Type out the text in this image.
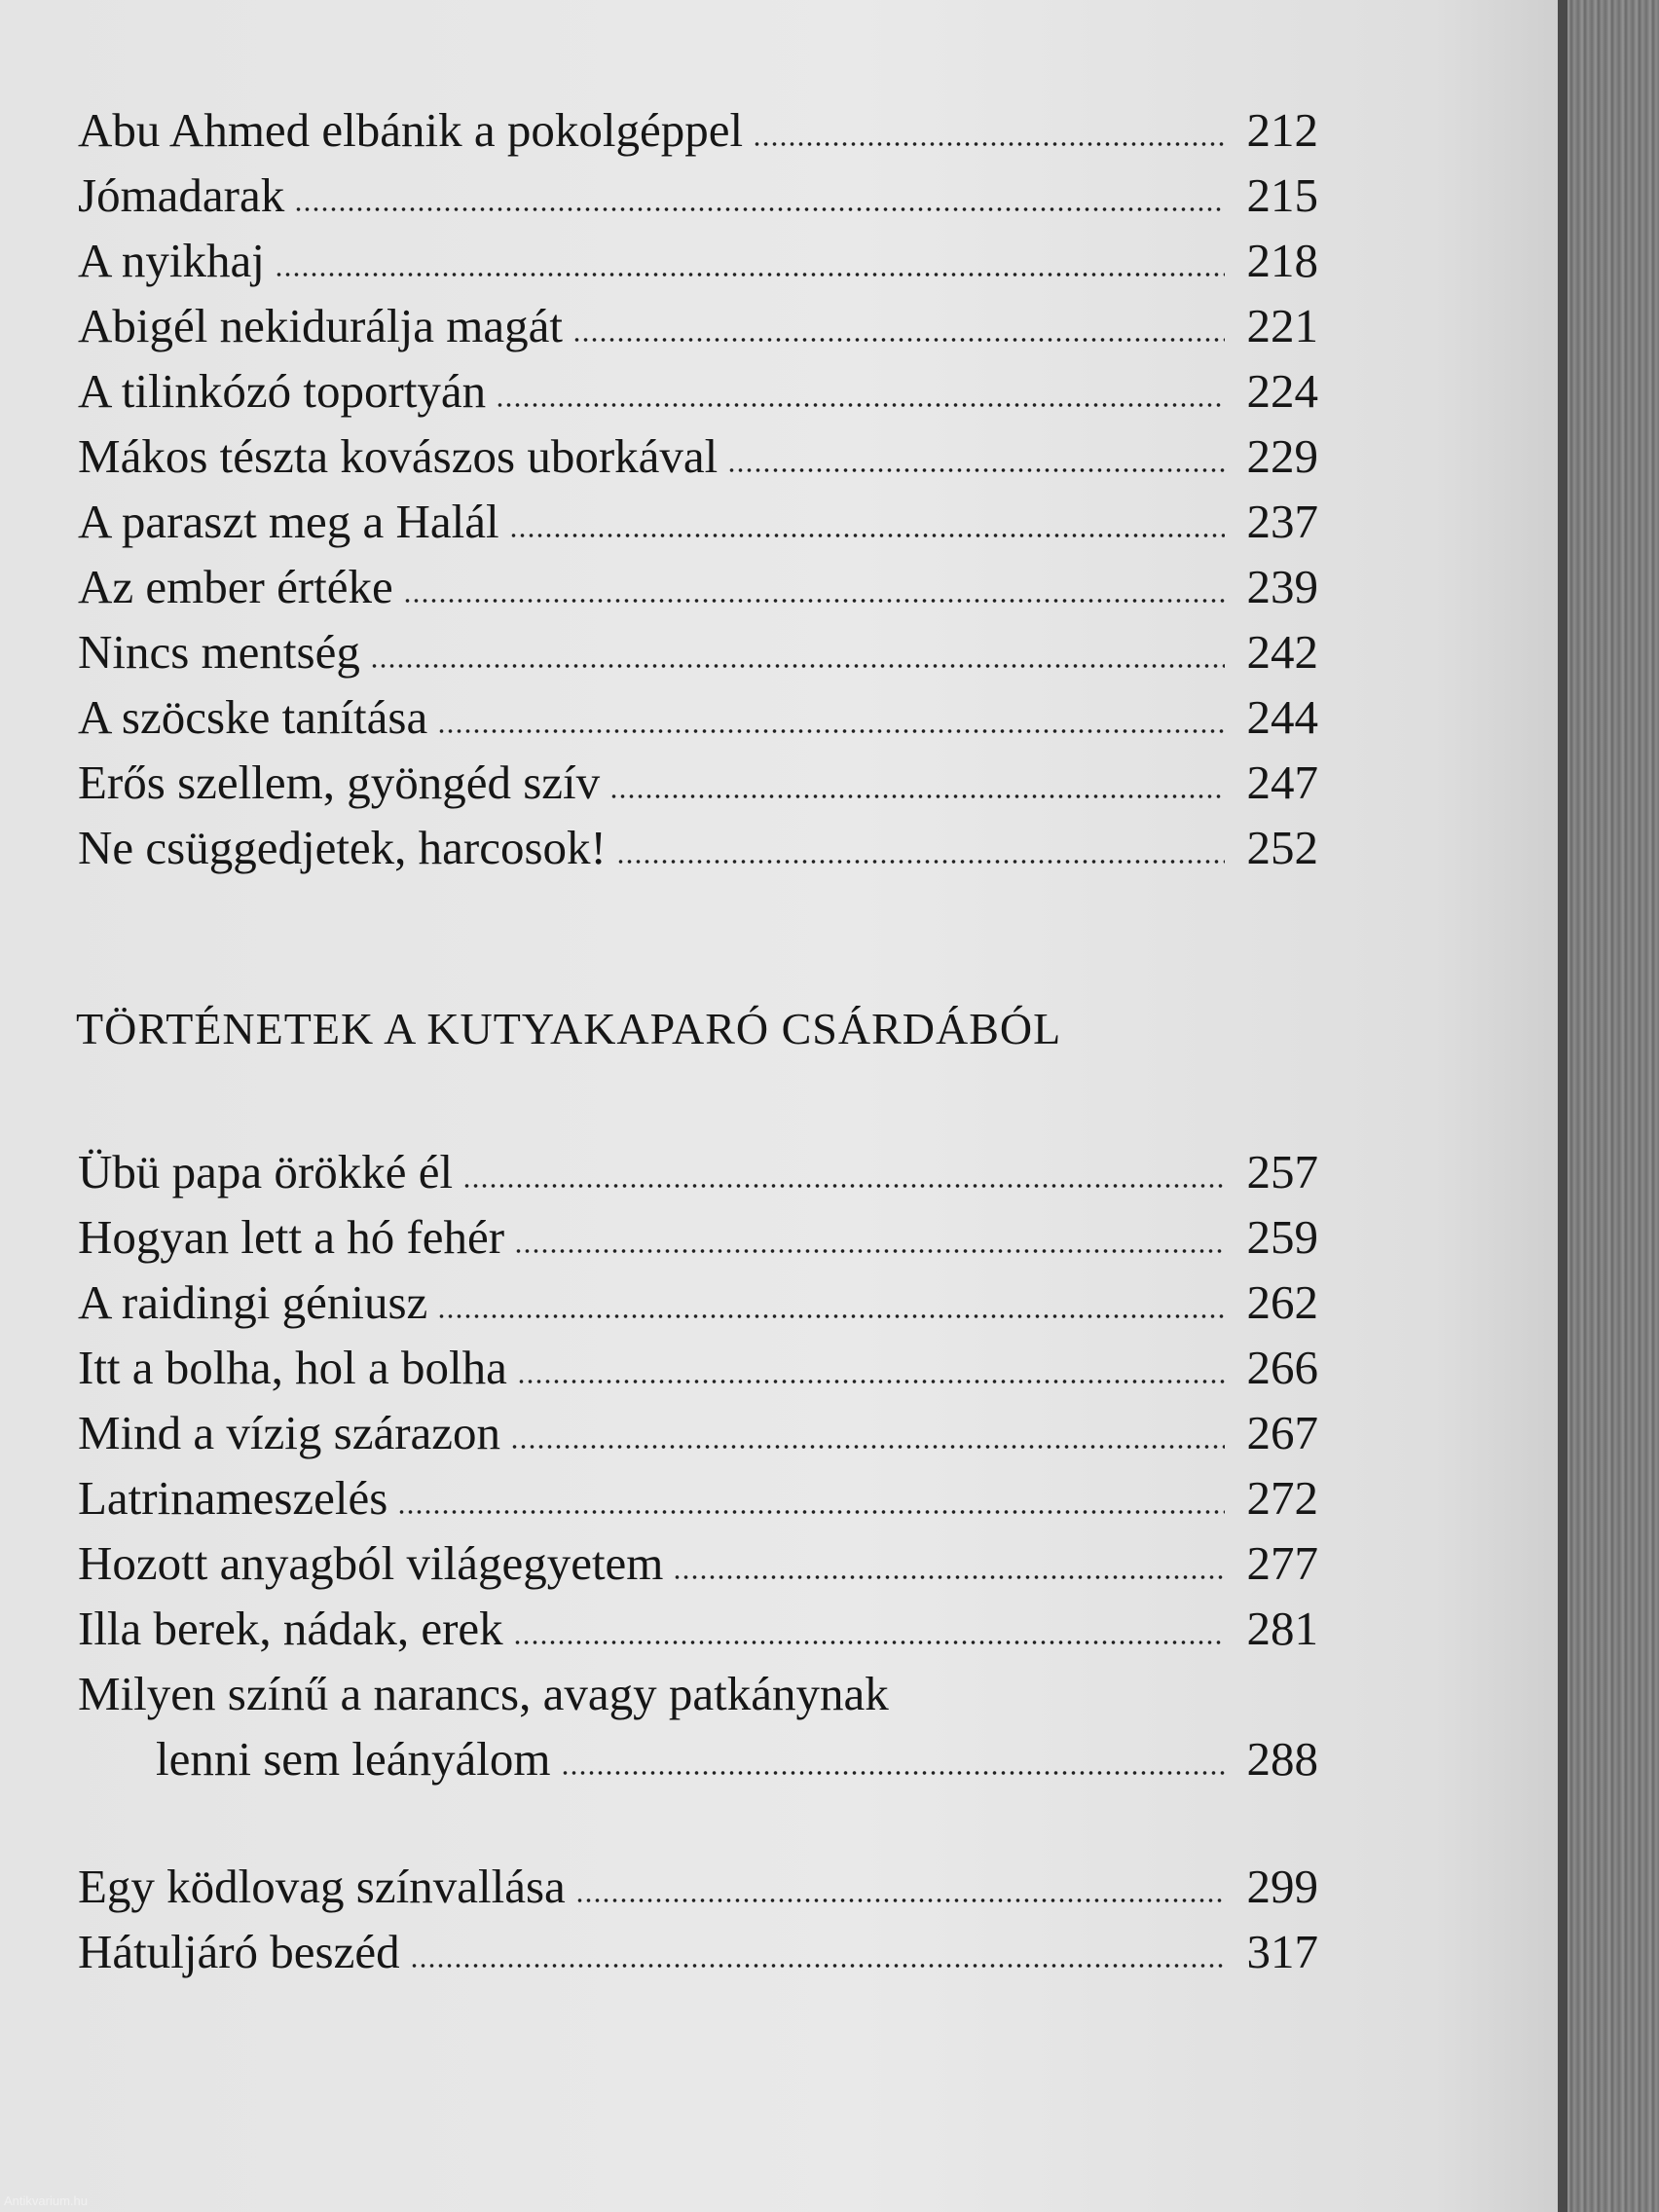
Abu Ahmed elbánik a pokolgéppel	212
Jómadarak	215
A nyikhaj	218
Abigél nekidurálja magát	221
A tilinkózó toportyán	224
Mákos tészta kovászos uborkával	229
A paraszt meg a Halál	237
Az ember értéke	239
Nincs mentség	242
A szöcske tanítása	244
Erős szellem, gyöngéd szív	247
Ne csüggedjetek, harcosok!	252
TÖRTÉNETEK A KUTYAKAPARÓ CSÁRDÁBÓL
Übü papa örökké él	257
Hogyan lett a hó fehér	259
A raidingi géniusz	262
Itt a bolha, hol a bolha	266
Mind a vízig szárazon	267
Latrinameszelés	272
Hozott anyagból világegyetem	277
Illa berek, nádak, erek	281
Milyen színű a narancs, avagy patkánynak
lenni sem leányálom	288
Egy ködlovag színvallása	299
Hátuljáró beszéd	317
Antikvarium.hu
